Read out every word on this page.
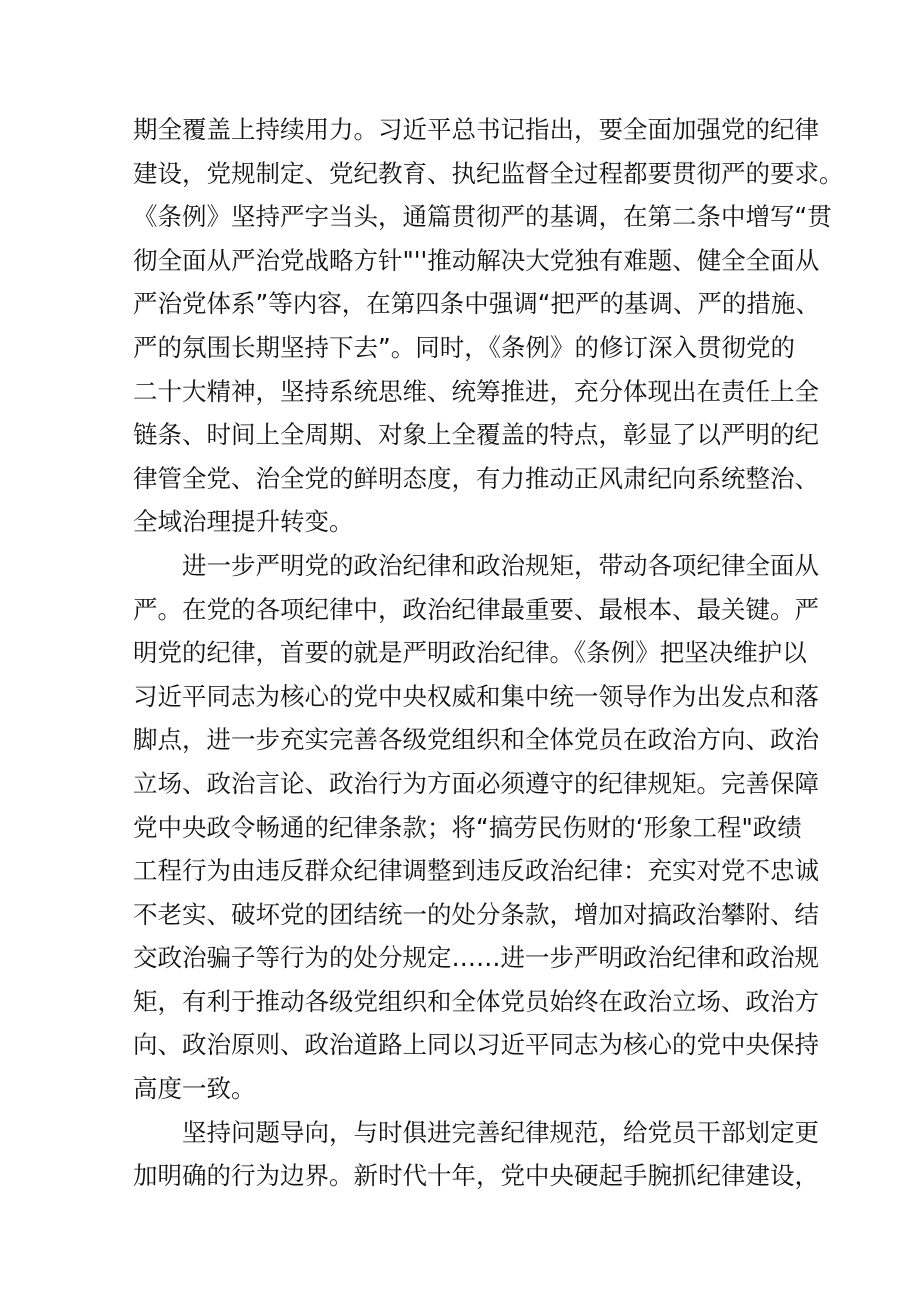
期全覆盖上持续用力。习近平总书记指出，要全面加强党的纪律
建设，党规制定、党纪教育、执纪监督全过程都要贯彻严的要求。
《条例》坚持严字当头，通篇贯彻严的基调，在第二条中增写“贯
彻全面从严治党战略方针"''推动解决大党独有难题、健全全面从
严治党体系”等内容，在第四条中强调“把严的基调、严的措施、
严的氛围长期坚持下去”。同时，《条例》的修订深入贯彻党的
二十大精神，坚持系统思维、统筹推进，充分体现出在责任上全
链条、时间上全周期、对象上全覆盖的特点，彰显了以严明的纪
律管全党、治全党的鲜明态度，有力推动正风肃纪向系统整治、
全域治理提升转变。
进一步严明党的政治纪律和政治规矩，带动各项纪律全面从
严。在党的各项纪律中，政治纪律最重要、最根本、最关键。严
明党的纪律，首要的就是严明政治纪律。《条例》把坚决维护以
习近平同志为核心的党中央权威和集中统一领导作为出发点和落
脚点，进一步充实完善各级党组织和全体党员在政治方向、政治
立场、政治言论、政治行为方面必须遵守的纪律规矩。完善保障
党中央政令畅通的纪律条款；将“搞劳民伤财的‘形象工程"政绩
工程行为由违反群众纪律调整到违反政治纪律：充实对党不忠诚
不老实、破坏党的团结统一的处分条款，增加对搞政治攀附、结
交政治骗子等行为的处分规定……进一步严明政治纪律和政治规
矩，有利于推动各级党组织和全体党员始终在政治立场、政治方
向、政治原则、政治道路上同以习近平同志为核心的党中央保持
高度一致。
坚持问题导向，与时俱进完善纪律规范，给党员干部划定更
加明确的行为边界。新时代十年，党中央硬起手腕抓纪律建设，
